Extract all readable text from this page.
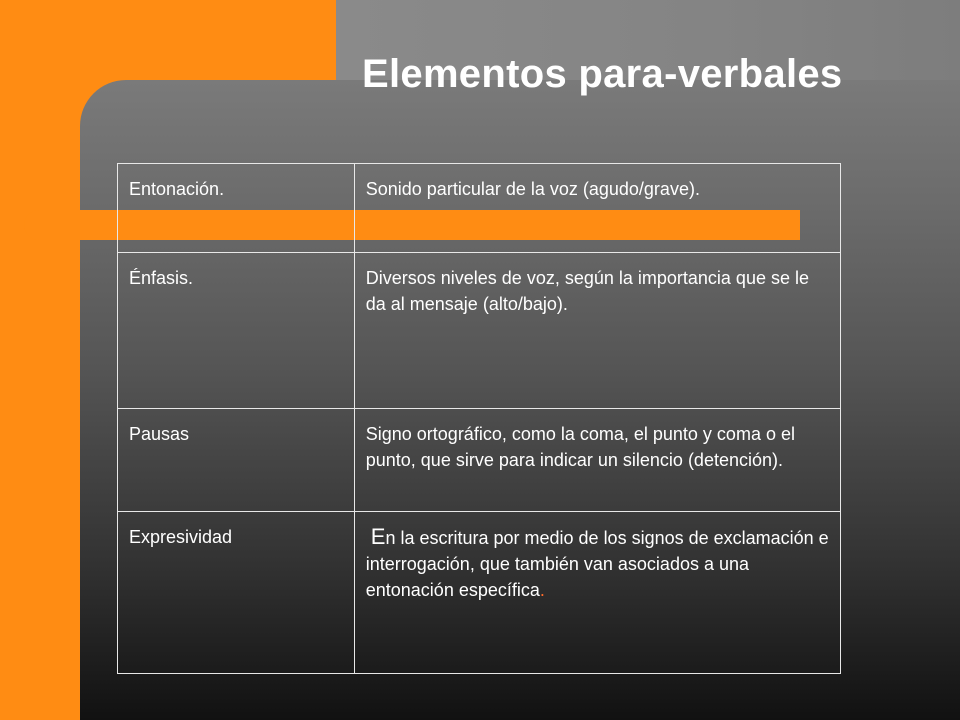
Elementos para-verbales
Entonación.	Sonido particular de la voz (agudo/grave).
Énfasis.	Diversos niveles de voz, según la importancia que se le da al mensaje (alto/bajo).
Pausas	Signo ortográfico, como la coma, el punto y coma o el punto, que sirve para indicar un silencio (detención).
Expresividad	En la escritura por medio de los signos de exclamación e interrogación, que también van asociados a una entonación específica.
